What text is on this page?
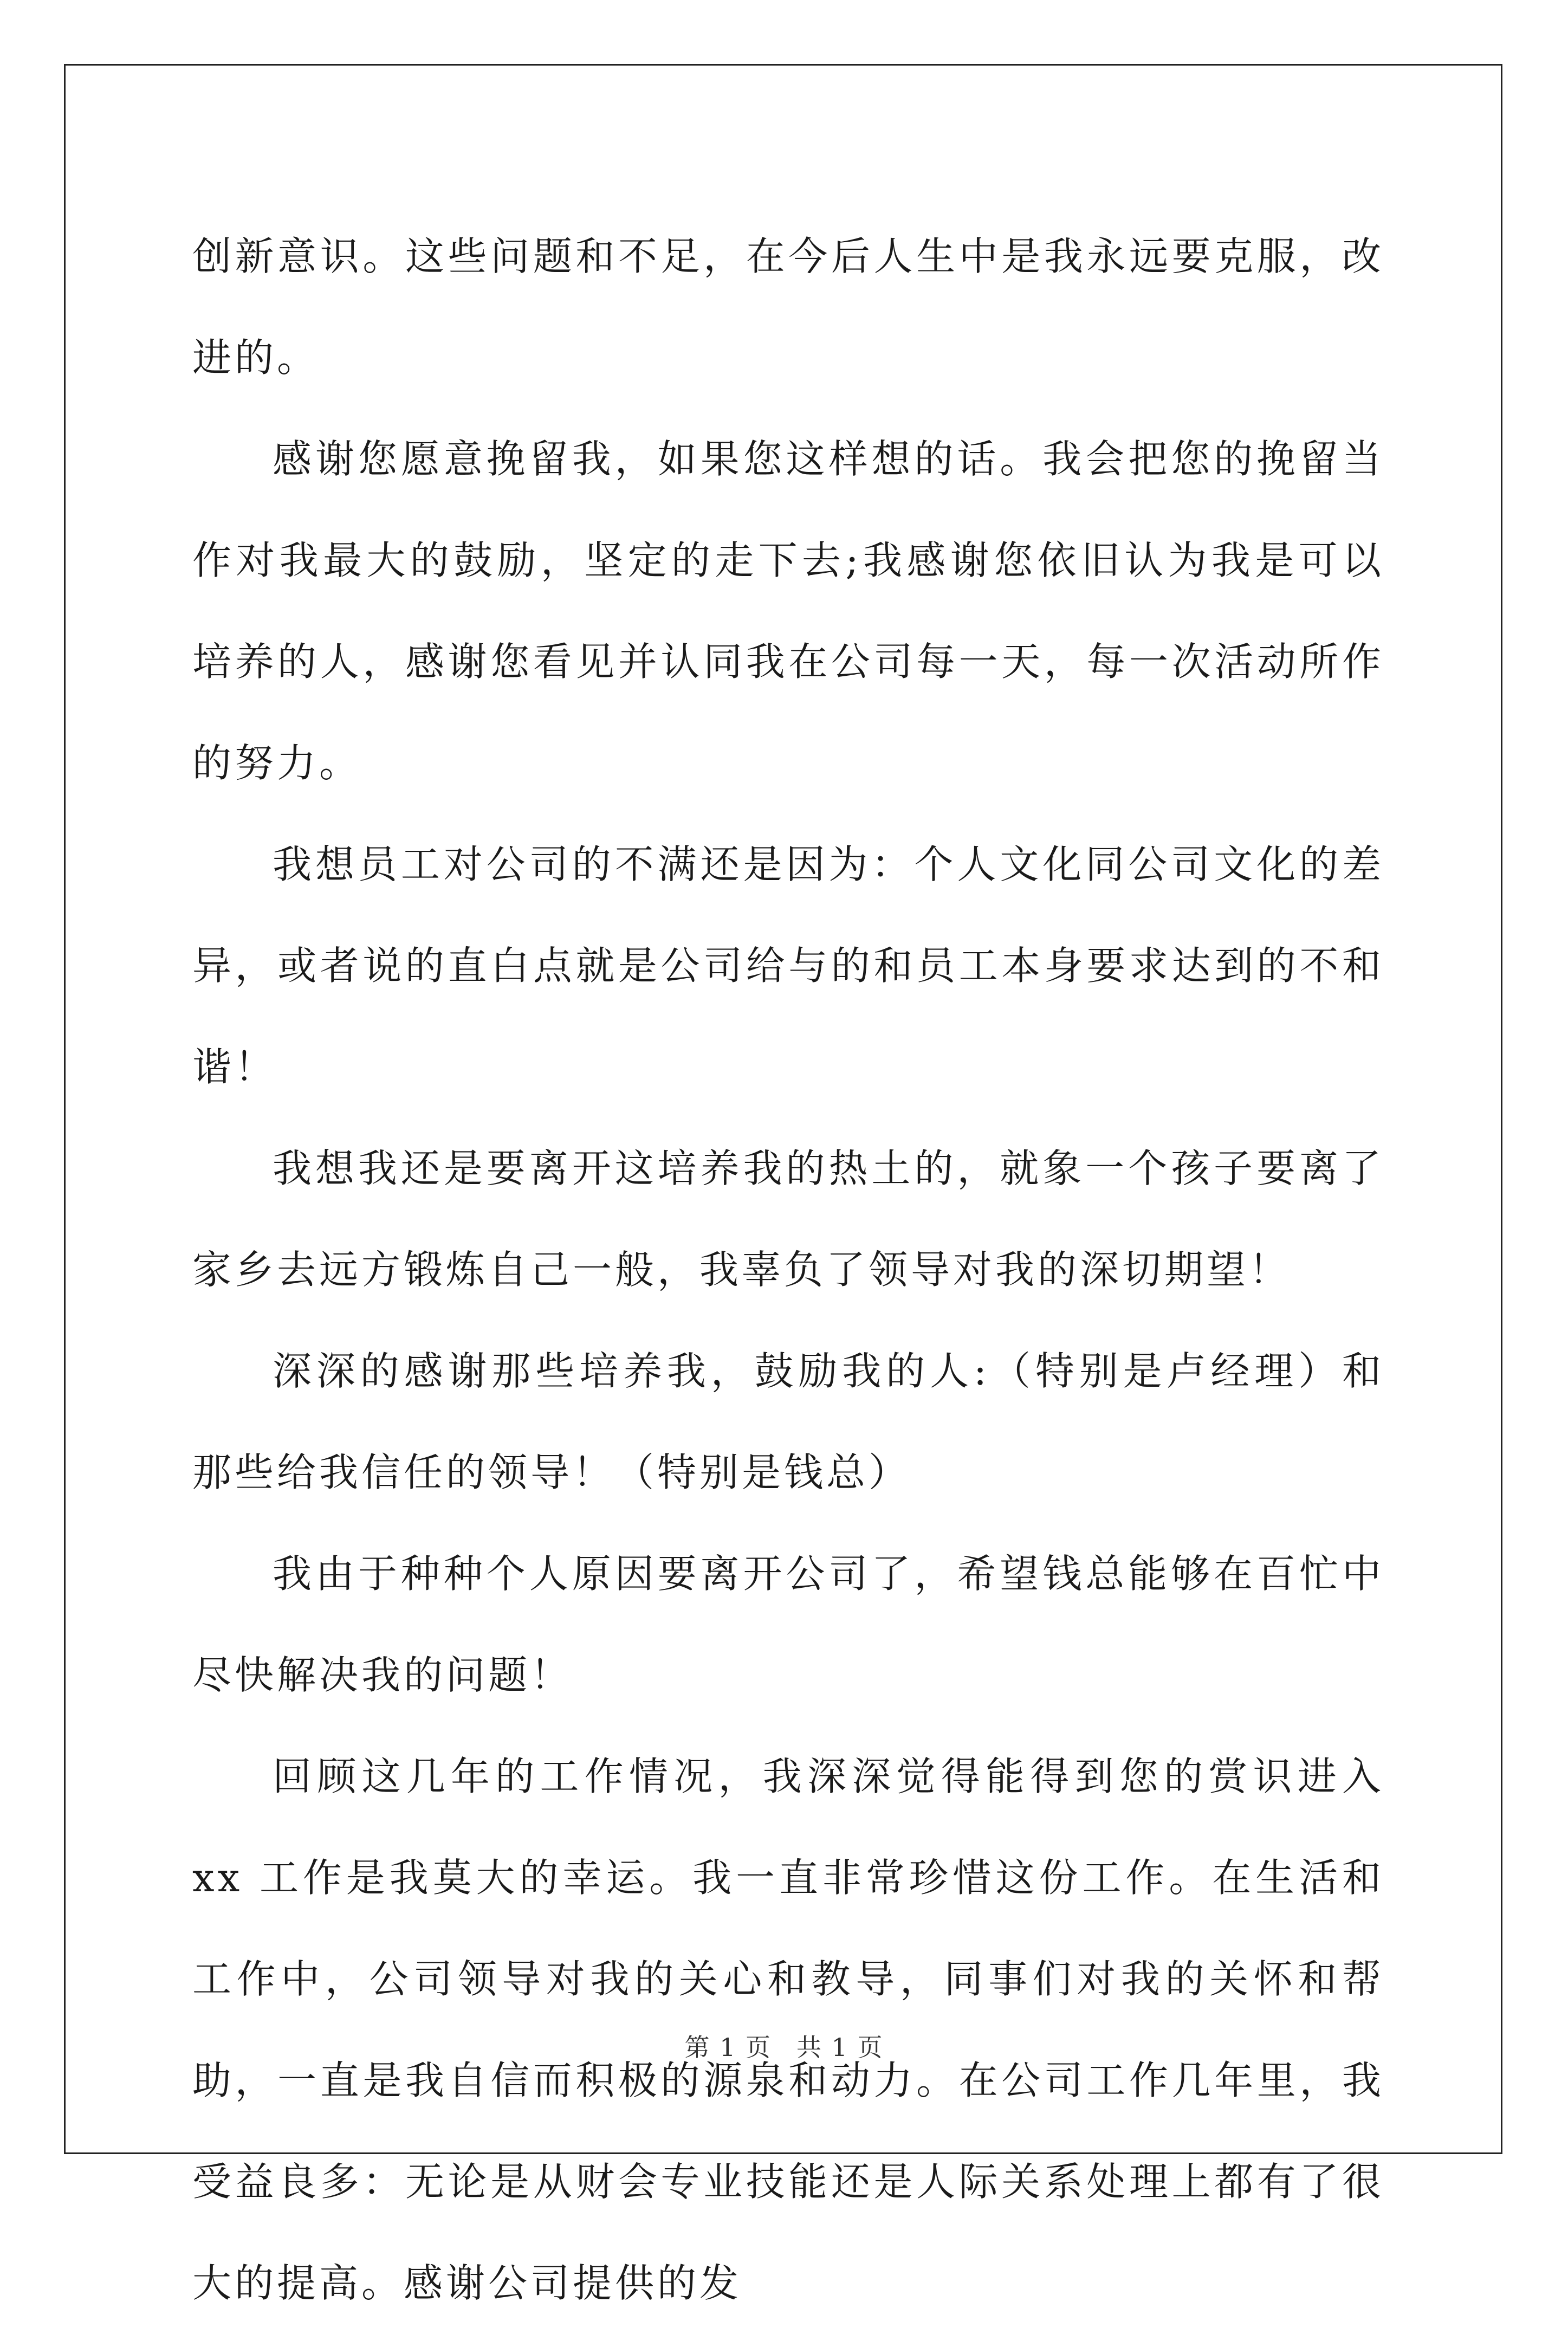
创新意识。这些问题和不足，在今后人生中是我永远要克服，改进的。

感谢您愿意挽留我，如果您这样想的话。我会把您的挽留当作对我最大的鼓励，坚定的走下去;我感谢您依旧认为我是可以培养的人，感谢您看见并认同我在公司每一天，每一次活动所作的努力。

我想员工对公司的不满还是因为：个人文化同公司文化的差异，或者说的直白点就是公司给与的和员工本身要求达到的不和谐！

我想我还是要离开这培养我的热土的，就象一个孩子要离了家乡去远方锻炼自己一般，我辜负了领导对我的深切期望！

深深的感谢那些培养我，鼓励我的人:（特别是卢经理）和那些给我信任的领导！（特别是钱总）

我由于种种个人原因要离开公司了，希望钱总能够在百忙中尽快解决我的问题！

回顾这几年的工作情况，我深深觉得能得到您的赏识进入 xx 工作是我莫大的幸运。我一直非常珍惜这份工作。在生活和工作中，公司领导对我的关心和教导，同事们对我的关怀和帮助，一直是我自信而积极的源泉和动力。在公司工作几年里，我受益良多：无论是从财会专业技能还是人际关系处理上都有了很大的提高。感谢公司提供的发

第 1 页 共 1 页
